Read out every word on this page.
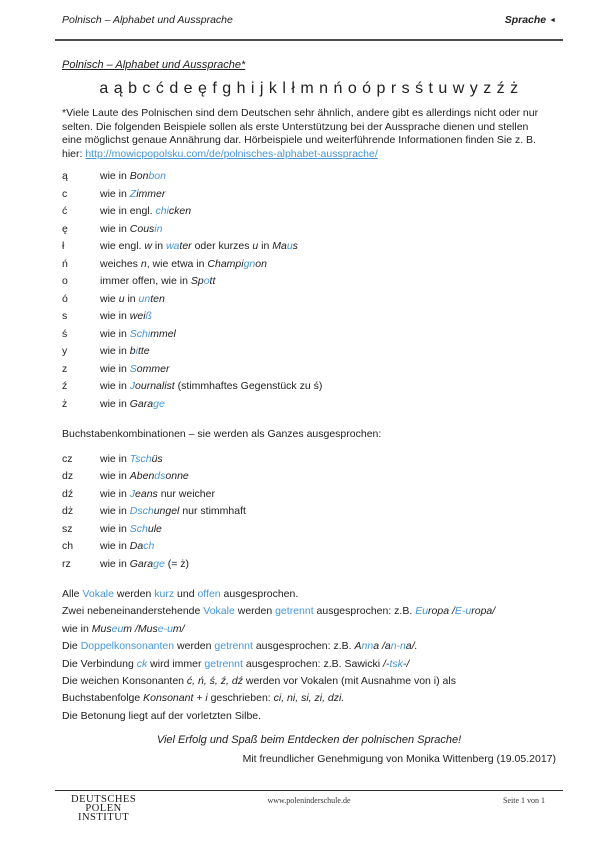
Polnisch – Alphabet und Aussprache	Sprache ◄
Polnisch – Alphabet und Aussprache*
a ą b c ć d e ę f g h i j k l ł m n ń o ó p r s ś t u w y z ź ż
*Viele Laute des Polnischen sind dem Deutschen sehr ähnlich, andere gibt es allerdings nicht oder nur
selten. Die folgenden Beispiele sollen als erste Unterstützung bei der Aussprache dienen und stellen
eine möglichst genaue Annährung dar. Hörbeispiele und weiterführende Informationen finden Sie z. B.
hier: http://mowicpopolsku.com/de/polnisches-alphabet-aussprache/
ą	wie in Bonbon
c	wie in Zimmer
ć	wie in engl. chicken
ę	wie in Cousin
ł	wie engl. w in water oder kurzes u in Maus
ń	weiches n, wie etwa in Champignon
o	immer offen, wie in Spott
ó	wie u in unten
s	wie in weiß
ś	wie in Schimmel
y	wie in bitte
z	wie in Sommer
ź	wie in Journalist (stimmhaftes Gegenstück zu ś)
ż	wie in Garage
Buchstabenkombinationen – sie werden als Ganzes ausgesprochen:
cz	wie in Tschüs
dz	wie in Abendsonne
dź	wie in Jeans nur weicher
dż	wie in Dschungel nur stimmhaft
sz	wie in Schule
ch	wie in Dach
rz	wie in Garage (= ż)
Alle Vokale werden kurz und offen ausgesprochen.
Zwei nebeneinanderstehende Vokale werden getrennt ausgesprochen: z.B. Europa /E-uropa/
wie in Museum /Muse-um/
Die Doppelkonsonanten werden getrennt ausgesprochen: z.B. Anna /an-na/.
Die Verbindung ck wird immer getrennt ausgesprochen: z.B. Sawicki /-tsk-/
Die weichen Konsonanten ć, ń, ś, ź, dź werden vor Vokalen (mit Ausnahme von i) als
Buchstabenfolge Konsonant + i geschrieben: ci, ni, si, zi, dzi.
Die Betonung liegt auf der vorletzten Silbe.
Viel Erfolg und Spaß beim Entdecken der polnischen Sprache!
Mit freundlicher Genehmigung von Monika Wittenberg (19.05.2017)
DEUTSCHES
POLEN
INSTITUT
www.poleninderschule.de	Seite 1 von 1
